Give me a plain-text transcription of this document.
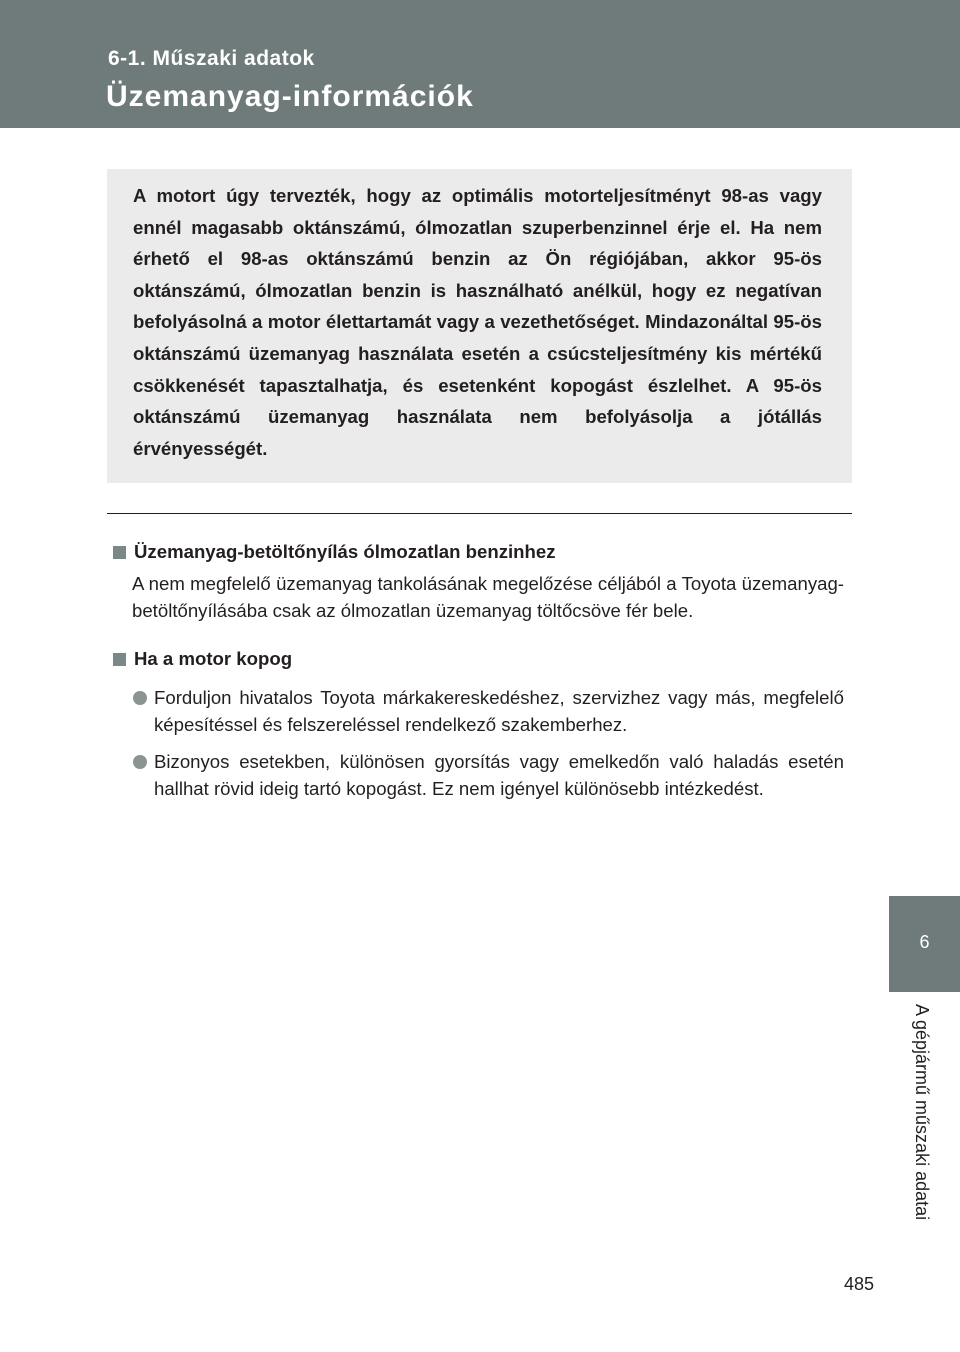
6-1. Műszaki adatok
Üzemanyag-információk

A motort úgy tervezték, hogy az optimális motorteljesítményt 98-as vagy ennél magasabb oktánszámú, ólmozatlan szuperbenzinnel érje el. Ha nem érhető el 98-as oktánszámú benzin az Ön régiójában, akkor 95-ös oktánszámú, ólmozatlan benzin is használható anélkül, hogy ez negatívan befolyásolná a motor élettartamát vagy a vezethetőséget. Mindazonáltal 95-ös oktánszámú üzemanyag használata esetén a csúcsteljesítmény kis mértékű csökkenését tapasztalhatja, és esetenként kopogást észlelhet. A 95-ös oktánszámú üzemanyag használata nem befolyásolja a jótállás érvényességét.

Üzemanyag-betöltőnyílás ólmozatlan benzinhez
A nem megfelelő üzemanyag tankolásának megelőzése céljából a Toyota üzemanyag-betöltőnyílásába csak az ólmozatlan üzemanyag töltőcsöve fér bele.
Ha a motor kopog
Forduljon hivatalos Toyota márkakereskedéshez, szervizhez vagy más, megfelelő képesítéssel és felszereléssel rendelkező szakemberhez.
Bizonyos esetekben, különösen gyorsítás vagy emelkedőn való haladás esetén hallhat rövid ideig tartó kopogást. Ez nem igényel különösebb intézkedést.
6
A gépjármű műszaki adatai
485
